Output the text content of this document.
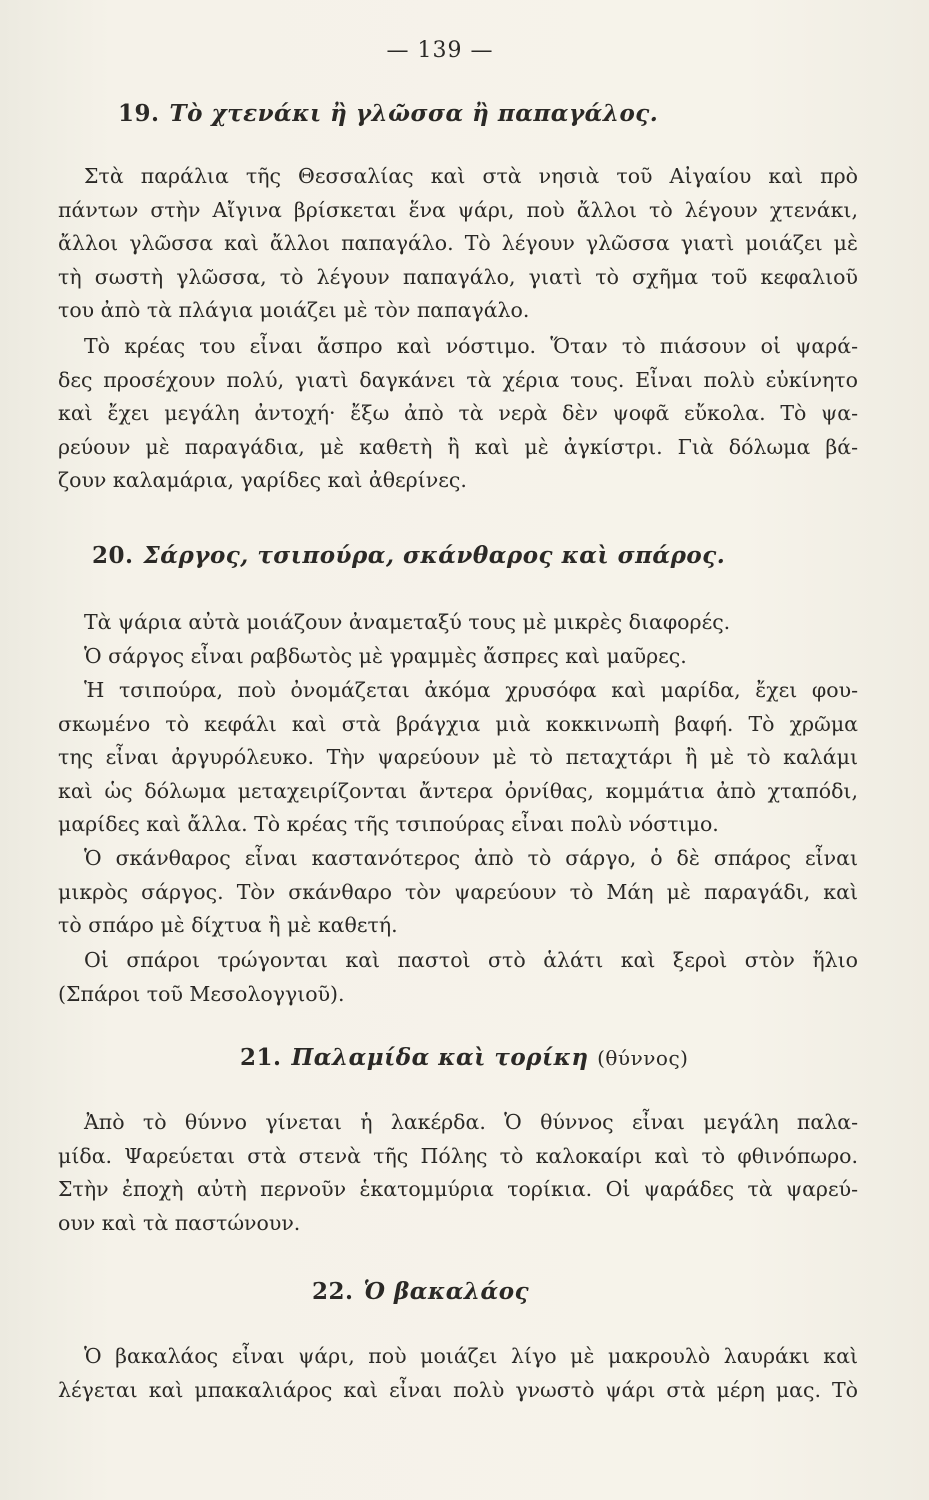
— 139 —
19. Τὸ χτενάκι ἢ γλῶσσα ἢ παπαγάλος.
Στὰ παράλια τῆς Θεσσαλίας καὶ στὰ νησιὰ τοῦ Αἰγαίου καὶ πρὸ
πάντων στὴν Αἴγινα βρίσκεται ἕνα ψάρι, ποὺ ἄλλοι τὸ λέγουν χτενάκι,
ἄλλοι γλῶσσα καὶ ἄλλοι παπαγάλο. Τὸ λέγουν γλῶσσα γιατὶ μοιάζει μὲ
τὴ σωστὴ γλῶσσα, τὸ λέγουν παπαγάλο, γιατὶ τὸ σχῆμα τοῦ κεφαλιοῦ
του ἀπὸ τὰ πλάγια μοιάζει μὲ τὸν παπαγάλο.
Τὸ κρέας του εἶναι ἄσπρο καὶ νόστιμο. Ὅταν τὸ πιάσουν οἱ ψαρά-
δες προσέχουν πολύ, γιατὶ δαγκάνει τὰ χέρια τους. Εἶναι πολὺ εὐκίνητο
καὶ ἔχει μεγάλη ἀντοχή· ἔξω ἀπὸ τὰ νερὰ δὲν ψοφᾶ εὔκολα. Τὸ ψα-
ρεύουν μὲ παραγάδια, μὲ καθετὴ ἢ καὶ μὲ ἀγκίστρι. Γιὰ δόλωμα βά-
ζουν καλαμάρια, γαρίδες καὶ ἀθερίνες.
20. Σάργος, τσιπούρα, σκάνθαρος καὶ σπάρος.
Τὰ ψάρια αὐτὰ μοιάζουν ἀναμεταξύ τους μὲ μικρὲς διαφορές.
Ὁ σάργος εἶναι ραβδωτὸς μὲ γραμμὲς ἄσπρες καὶ μαῦρες.
Ἡ τσιπούρα, ποὺ ὀνομάζεται ἀκόμα χρυσόφα καὶ μαρίδα, ἔχει φου-
σκωμένο τὸ κεφάλι καὶ στὰ βράγχια μιὰ κοκκινωπὴ βαφή. Τὸ χρῶμα
της εἶναι ἀργυρόλευκο. Τὴν ψαρεύουν μὲ τὸ πεταχτάρι ἢ μὲ τὸ καλάμι
καὶ ὡς δόλωμα μεταχειρίζονται ἄντερα ὀρνίθας, κομμάτια ἀπὸ χταπόδι,
μαρίδες καὶ ἄλλα. Τὸ κρέας τῆς τσιπούρας εἶναι πολὺ νόστιμο.
Ὁ σκάνθαρος εἶναι καστανότερος ἀπὸ τὸ σάργο, ὁ δὲ σπάρος εἶναι
μικρὸς σάργος. Τὸν σκάνθαρο τὸν ψαρεύουν τὸ Μάη μὲ παραγάδι, καὶ
τὸ σπάρο μὲ δίχτυα ἢ μὲ καθετή.
Οἱ σπάροι τρώγονται καὶ παστοὶ στὸ ἁλάτι καὶ ξεροὶ στὸν ἥλιο
(Σπάροι τοῦ Μεσολογγιοῦ).
21. Παλαμίδα καὶ τορίκη (θύννος)
Ἀπὸ τὸ θύννο γίνεται ἡ λακέρδα. Ὁ θύννος εἶναι μεγάλη παλα-
μίδα. Ψαρεύεται στὰ στενὰ τῆς Πόλης τὸ καλοκαίρι καὶ τὸ φθινόπωρο.
Στὴν ἐποχὴ αὐτὴ περνοῦν ἑκατομμύρια τορίκια. Οἱ ψαράδες τὰ ψαρεύ-
ουν καὶ τὰ παστώνουν.
22. Ὁ βακαλάος
Ὁ βακαλάος εἶναι ψάρι, ποὺ μοιάζει λίγο μὲ μακρουλὸ λαυράκι καὶ
λέγεται καὶ μπακαλιάρος καὶ εἶναι πολὺ γνωστὸ ψάρι στὰ μέρη μας. Τὸ
